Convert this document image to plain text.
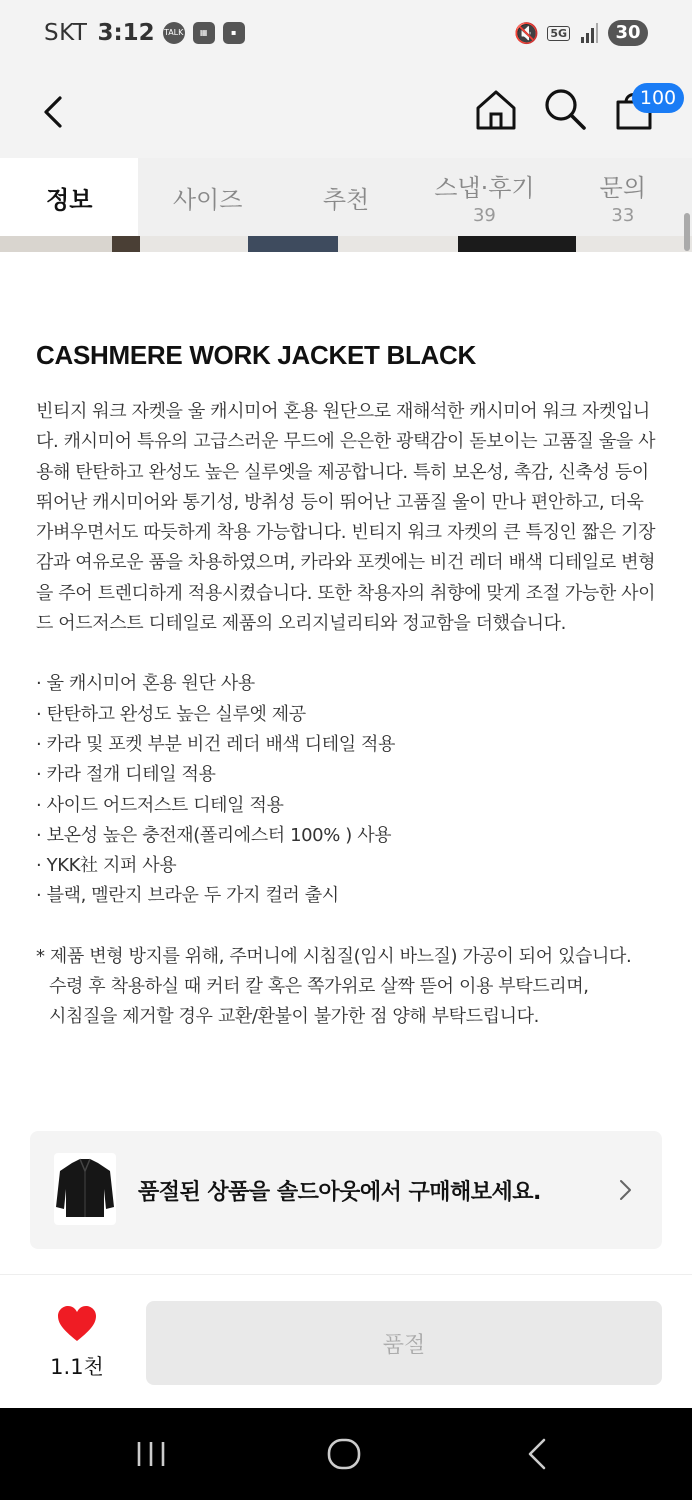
SKT 3:12 TALK	▦	▪	🔇 5G	30
100
정보	사이즈	추천	스냅·후기
39
문의
33
CASHMERE WORK JACKET BLACK
빈티지 워크 자켓을 울 캐시미어 혼용 원단으로 재해석한 캐시미어 워크 자켓입니다. 캐시미어 특유의 고급스러운 무드에 은은한 광택감이 돋보이는 고품질 울을 사용해 탄탄하고 완성도 높은 실루엣을 제공합니다. 특히 보온성, 촉감, 신축성 등이 뛰어난 캐시미어와 통기성, 방취성 등이 뛰어난 고품질 울이 만나 편안하고, 더욱 가벼우면서도 따듯하게 착용 가능합니다. 빈티지 워크 자켓의 큰 특징인 짧은 기장감과 여유로운 품을 차용하였으며, 카라와 포켓에는 비건 레더 배색 디테일로 변형을 주어 트렌디하게 적용시켰습니다. 또한 착용자의 취향에 맞게 조절 가능한 사이드 어드저스트 디테일로 제품의 오리지널리티와 정교함을 더했습니다.
· 울 캐시미어 혼용 원단 사용
· 탄탄하고 완성도 높은 실루엣 제공
· 카라 및 포켓 부분 비건 레더 배색 디테일 적용
· 카라 절개 디테일 적용
· 사이드 어드저스트 디테일 적용
· 보온성 높은 충전재(폴리에스터 100% ) 사용
· YKK社 지퍼 사용
· 블랙, 멜란지 브라운 두 가지 컬러 출시
* 제품 변형 방지를 위해, 주머니에 시침질(임시 바느질) 가공이 되어 있습니다.
수령 후 착용하실 때 커터 칼 혹은 쪽가위로 살짝 뜯어 이용 부탁드리며,
시침질을 제거할 경우 교환/환불이 불가한 점 양해 부탁드립니다.
품절된 상품을 솔드아웃에서 구매해보세요.
1.1천
품절
